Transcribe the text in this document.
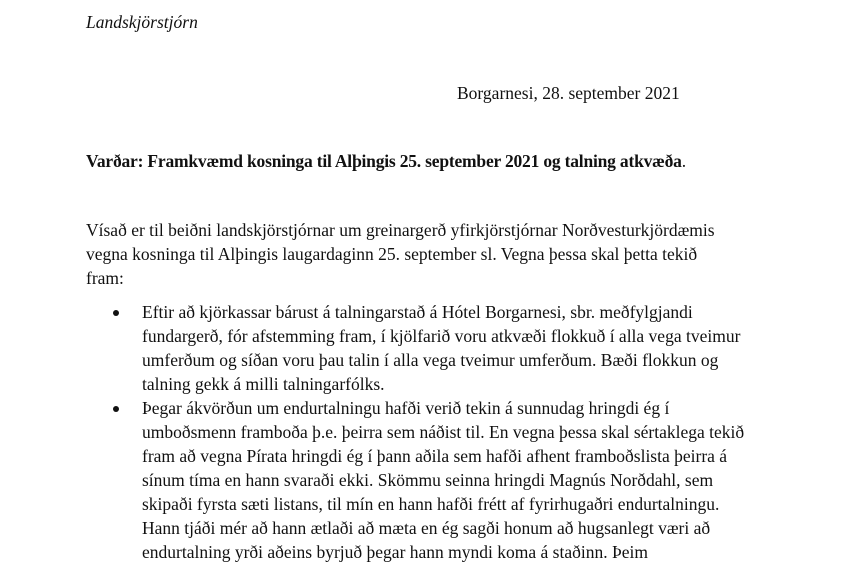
Landskjörstjórn
Borgarnesi, 28. september 2021
Varðar: Framkvæmd kosninga til Alþingis 25. september 2021 og talning atkvæða.
Vísað er til beiðni landskjörstjórnar um greinargerð yfirkjörstjórnar Norðvesturkjördæmis
vegna kosninga til Alþingis laugardaginn 25. september sl. Vegna þessa skal þetta tekið
fram:
Eftir að kjörkassar bárust á talningarstað á Hótel Borgarnesi, sbr. meðfylgjandi
fundargerð, fór afstemming fram, í kjölfarið voru atkvæði flokkuð í alla vega tveimur
umferðum og síðan voru þau talin í alla vega tveimur umferðum. Bæði flokkun og
talning gekk á milli talningarfólks.
Þegar ákvörðun um endurtalningu hafði verið tekin á sunnudag hringdi ég í
umboðsmenn framboða þ.e. þeirra sem náðist til. En vegna þessa skal sértaklega tekið
fram að vegna Pírata hringdi ég í þann aðila sem hafði afhent framboðslista þeirra á
sínum tíma en hann svaraði ekki. Skömmu seinna hringdi Magnús Norðdahl, sem
skipaði fyrsta sæti listans, til mín en hann hafði frétt af fyrirhugaðri endurtalningu.
Hann tjáði mér að hann ætlaði að mæta en ég sagði honum að hugsanlegt væri að
endurtalning yrði aðeins byrjuð þegar hann myndi koma á staðinn. Þeim
